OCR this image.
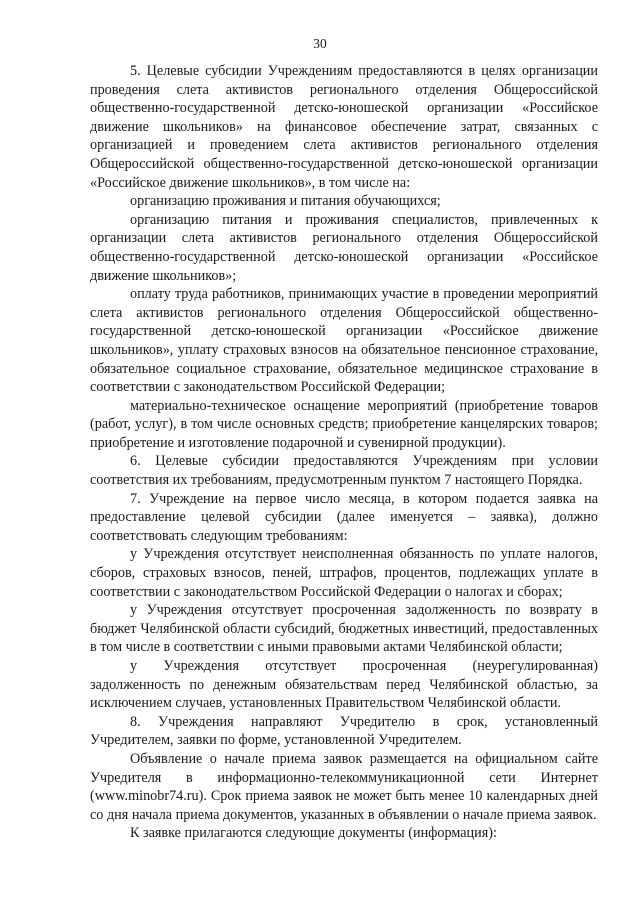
30

5. Целевые субсидии Учреждениям предоставляются в целях организации проведения слета активистов регионального отделения Общероссийской общественно-государственной детско-юношеской организации «Российское движение школьников» на финансовое обеспечение затрат, связанных с организацией и проведением слета активистов регионального отделения Общероссийской общественно-государственной детско-юношеской организации «Российское движение школьников», в том числе на:

организацию проживания и питания обучающихся;

организацию питания и проживания специалистов, привлеченных к организации слета активистов регионального отделения Общероссийской общественно-государственной детско-юношеской организации «Российское движение школьников»;

оплату труда работников, принимающих участие в проведении мероприятий слета активистов регионального отделения Общероссийской общественно-государственной детско-юношеской организации «Российское движение школьников», уплату страховых взносов на обязательное пенсионное страхование, обязательное социальное страхование, обязательное медицинское страхование в соответствии с законодательством Российской Федерации;

материально-техническое оснащение мероприятий (приобретение товаров (работ, услуг), в том числе основных средств; приобретение канцелярских товаров; приобретение и изготовление подарочной и сувенирной продукции).

6. Целевые субсидии предоставляются Учреждениям при условии соответствия их требованиям, предусмотренным пунктом 7 настоящего Порядка.

7. Учреждение на первое число месяца, в котором подается заявка на предоставление целевой субсидии (далее именуется – заявка), должно соответствовать следующим требованиям:

у Учреждения отсутствует неисполненная обязанность по уплате налогов, сборов, страховых взносов, пеней, штрафов, процентов, подлежащих уплате в соответствии с законодательством Российской Федерации о налогах и сборах;

у Учреждения отсутствует просроченная задолженность по возврату в бюджет Челябинской области субсидий, бюджетных инвестиций, предоставленных в том числе в соответствии с иными правовыми актами Челябинской области;

у Учреждения отсутствует просроченная (неурегулированная) задолженность по денежным обязательствам перед Челябинской областью, за исключением случаев, установленных Правительством Челябинской области.

8. Учреждения направляют Учредителю в срок, установленный Учредителем, заявки по форме, установленной Учредителем.

Объявление о начале приема заявок размещается на официальном сайте Учредителя в информационно-телекоммуникационной сети Интернет (www.minobr74.ru). Срок приема заявок не может быть менее 10 календарных дней со дня начала приема документов, указанных в объявлении о начале приема заявок.

К заявке прилагаются следующие документы (информация):
